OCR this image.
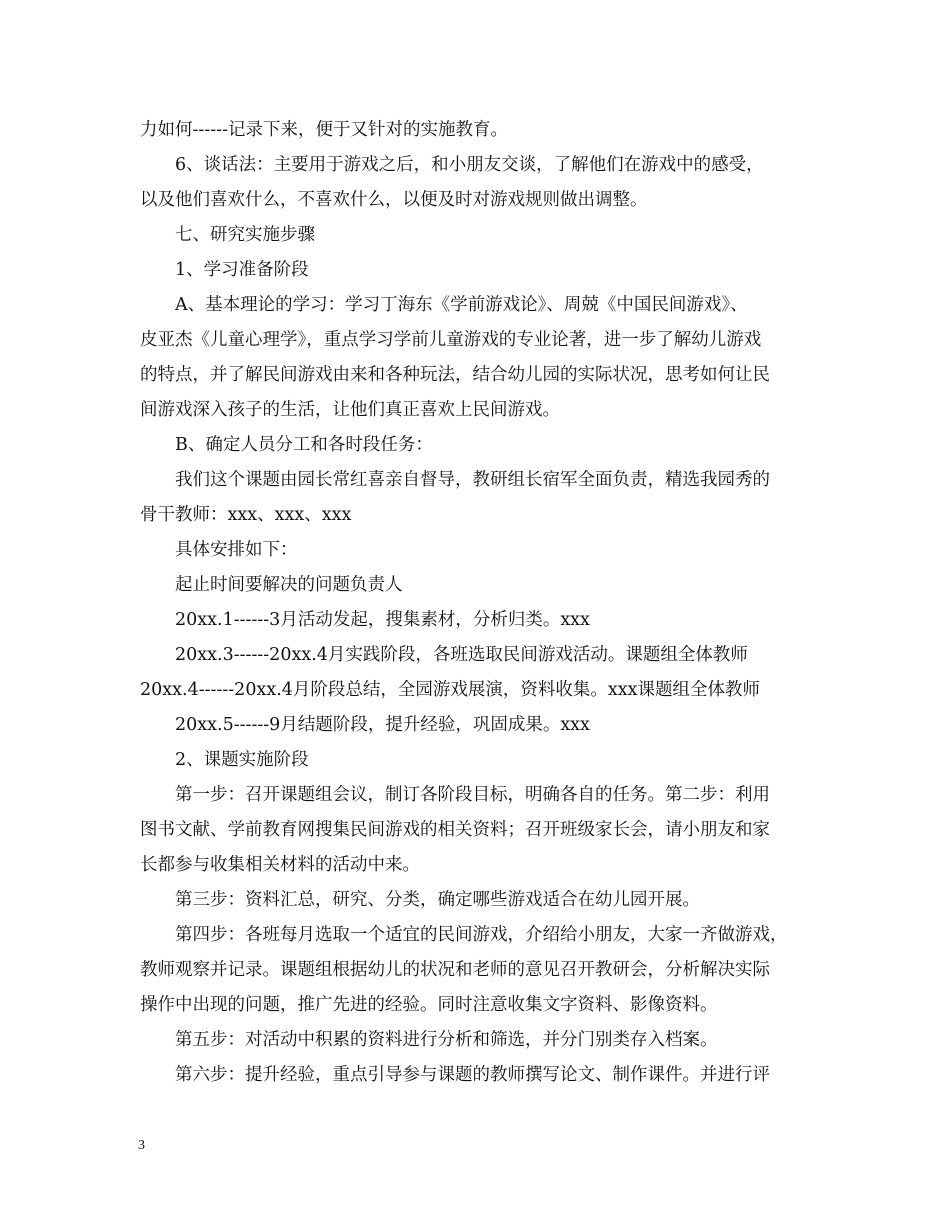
力如何------记录下来，便于又针对的实施教育。
6、谈话法：主要用于游戏之后，和小朋友交谈，了解他们在游戏中的感受，
以及他们喜欢什么，不喜欢什么，以便及时对游戏规则做出调整。
七、研究实施步骤
1、学习准备阶段
A、基本理论的学习：学习丁海东《学前游戏论》、周兢《中国民间游戏》、
皮亚杰《儿童心理学》，重点学习学前儿童游戏的专业论著，进一步了解幼儿游戏
的特点，并了解民间游戏由来和各种玩法，结合幼儿园的实际状况，思考如何让民
间游戏深入孩子的生活，让他们真正喜欢上民间游戏。
B、确定人员分工和各时段任务：
我们这个课题由园长常红喜亲自督导，教研组长宿军全面负责，精选我园秀的
骨干教师：xxx、xxx、xxx
具体安排如下：
起止时间要解决的问题负责人
20xx.1------3月活动发起，搜集素材，分析归类。xxx
20xx.3------20xx.4月实践阶段，各班选取民间游戏活动。课题组全体教师
20xx.4------20xx.4月阶段总结，全园游戏展演，资料收集。xxx课题组全体教师
20xx.5------9月结题阶段，提升经验，巩固成果。xxx
2、课题实施阶段
第一步：召开课题组会议，制订各阶段目标，明确各自的任务。第二步：利用
图书文献、学前教育网搜集民间游戏的相关资料；召开班级家长会，请小朋友和家
长都参与收集相关材料的活动中来。
第三步：资料汇总，研究、分类，确定哪些游戏适合在幼儿园开展。
第四步：各班每月选取一个适宜的民间游戏，介绍给小朋友，大家一齐做游戏，
教师观察并记录。课题组根据幼儿的状况和老师的意见召开教研会，分析解决实际
操作中出现的问题，推广先进的经验。同时注意收集文字资料、影像资料。
第五步：对活动中积累的资料进行分析和筛选，并分门别类存入档案。
第六步：提升经验，重点引导参与课题的教师撰写论文、制作课件。并进行评
3
